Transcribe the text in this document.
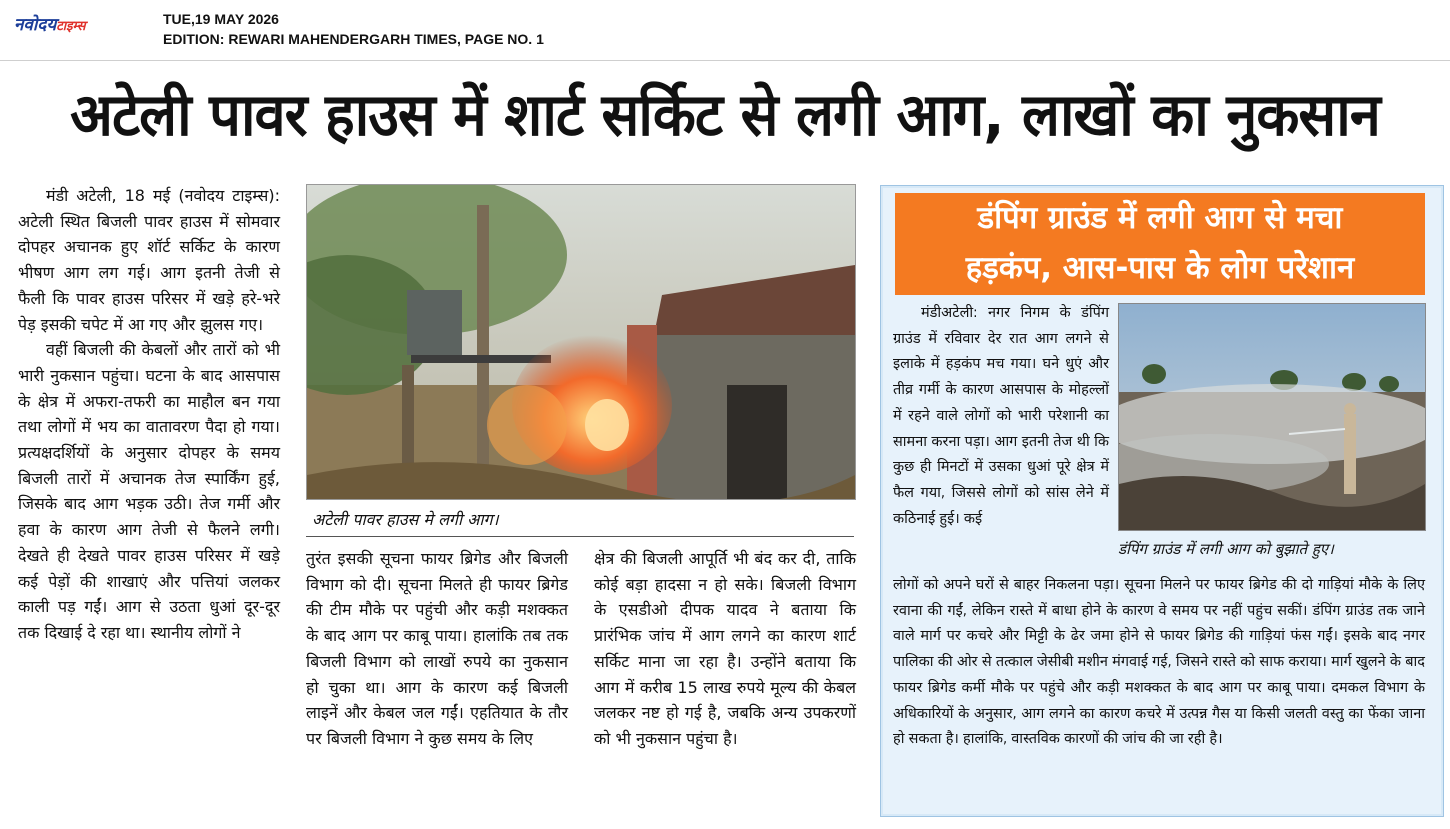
नवोदयटाइम्स	TUE,19 MAY 2026
EDITION: REWARI MAHENDERGARH TIMES, PAGE NO. 1
अटेली पावर हाउस में शार्ट सर्किट से लगी आग, लाखों का नुकसान

मंडी अटेली, 18 मई (नवोदय टाइम्स): अटेली स्थित बिजली पावर हाउस में सोमवार दोपहर अचानक हुए शॉर्ट सर्किट के कारण भीषण आग लग गई। आग इतनी तेजी से फैली कि पावर हाउस परिसर में खड़े हरे-भरे पेड़ इसकी चपेट में आ गए और झुलस गए।

वहीं बिजली की केबलों और तारों को भी भारी नुकसान पहुंचा। घटना के बाद आसपास के क्षेत्र में अफरा-तफरी का माहौल बन गया तथा लोगों में भय का वातावरण पैदा हो गया। प्रत्यक्षदर्शियों के अनुसार दोपहर के समय बिजली तारों में अचानक तेज स्पार्किंग हुई, जिसके बाद आग भड़क उठी। तेज गर्मी और हवा के कारण आग तेजी से फैलने लगी। देखते ही देखते पावर हाउस परिसर में खड़े कई पेड़ों की शाखाएं और पत्तियां जलकर काली पड़ गईं। आग से उठता धुआं दूर-दूर तक दिखाई दे रहा था। स्थानीय लोगों ने

अटेली पावर हाउस मे लगी आग।

तुरंत इसकी सूचना फायर ब्रिगेड और बिजली विभाग को दी। सूचना मिलते ही फायर ब्रिगेड की टीम मौके पर पहुंची और कड़ी मशक्कत के बाद आग पर काबू पाया। हालांकि तब तक बिजली विभाग को लाखों रुपये का नुकसान हो चुका था। आग के कारण कई बिजली लाइनें और केबल जल गईं। एहतियात के तौर पर बिजली विभाग ने कुछ समय के लिए

क्षेत्र की बिजली आपूर्ति भी बंद कर दी, ताकि कोई बड़ा हादसा न हो सके। बिजली विभाग के एसडीओ दीपक यादव ने बताया कि प्रारंभिक जांच में आग लगने का कारण शार्ट सर्किट माना जा रहा है। उन्होंने बताया कि आग में करीब 15 लाख रुपये मूल्य की केबल जलकर नष्ट हो गई है, जबकि अन्य उपकरणों को भी नुकसान पहुंचा है।

डंपिंग ग्राउंड में लगी आग से मचा
हड़कंप, आस-पास के लोग परेशान

मंडीअटेली: नगर निगम के डंपिंग ग्राउंड में रविवार देर रात आग लगने से इलाके में हड़कंप मच गया। घने धुएं और तीव्र गर्मी के कारण आसपास के मोहल्लों में रहने वाले लोगों को भारी परेशानी का सामना करना पड़ा। आग इतनी तेज थी कि कुछ ही मिनटों में उसका धुआं पूरे क्षेत्र में फैल गया, जिससे लोगों को सांस लेने में कठिनाई हुई। कई

डंपिंग ग्राउंड में लगी आग को बुझाते हुए।

लोगों को अपने घरों से बाहर निकलना पड़ा। सूचना मिलने पर फायर ब्रिगेड की दो गाड़ियां मौके के लिए रवाना की गईं, लेकिन रास्ते में बाधा होने के कारण वे समय पर नहीं पहुंच सकीं। डंपिंग ग्राउंड तक जाने वाले मार्ग पर कचरे और मिट्टी के ढेर जमा होने से फायर ब्रिगेड की गाड़ियां फंस गईं। इसके बाद नगर पालिका की ओर से तत्काल जेसीबी मशीन मंगवाई गई, जिसने रास्ते को साफ कराया। मार्ग खुलने के बाद फायर ब्रिगेड कर्मी मौके पर पहुंचे और कड़ी मशक्कत के बाद आग पर काबू पाया। दमकल विभाग के अधिकारियों के अनुसार, आग लगने का कारण कचरे में उत्पन्न गैस या किसी जलती वस्तु का फेंका जाना हो सकता है। हालांकि, वास्तविक कारणों की जांच की जा रही है।
